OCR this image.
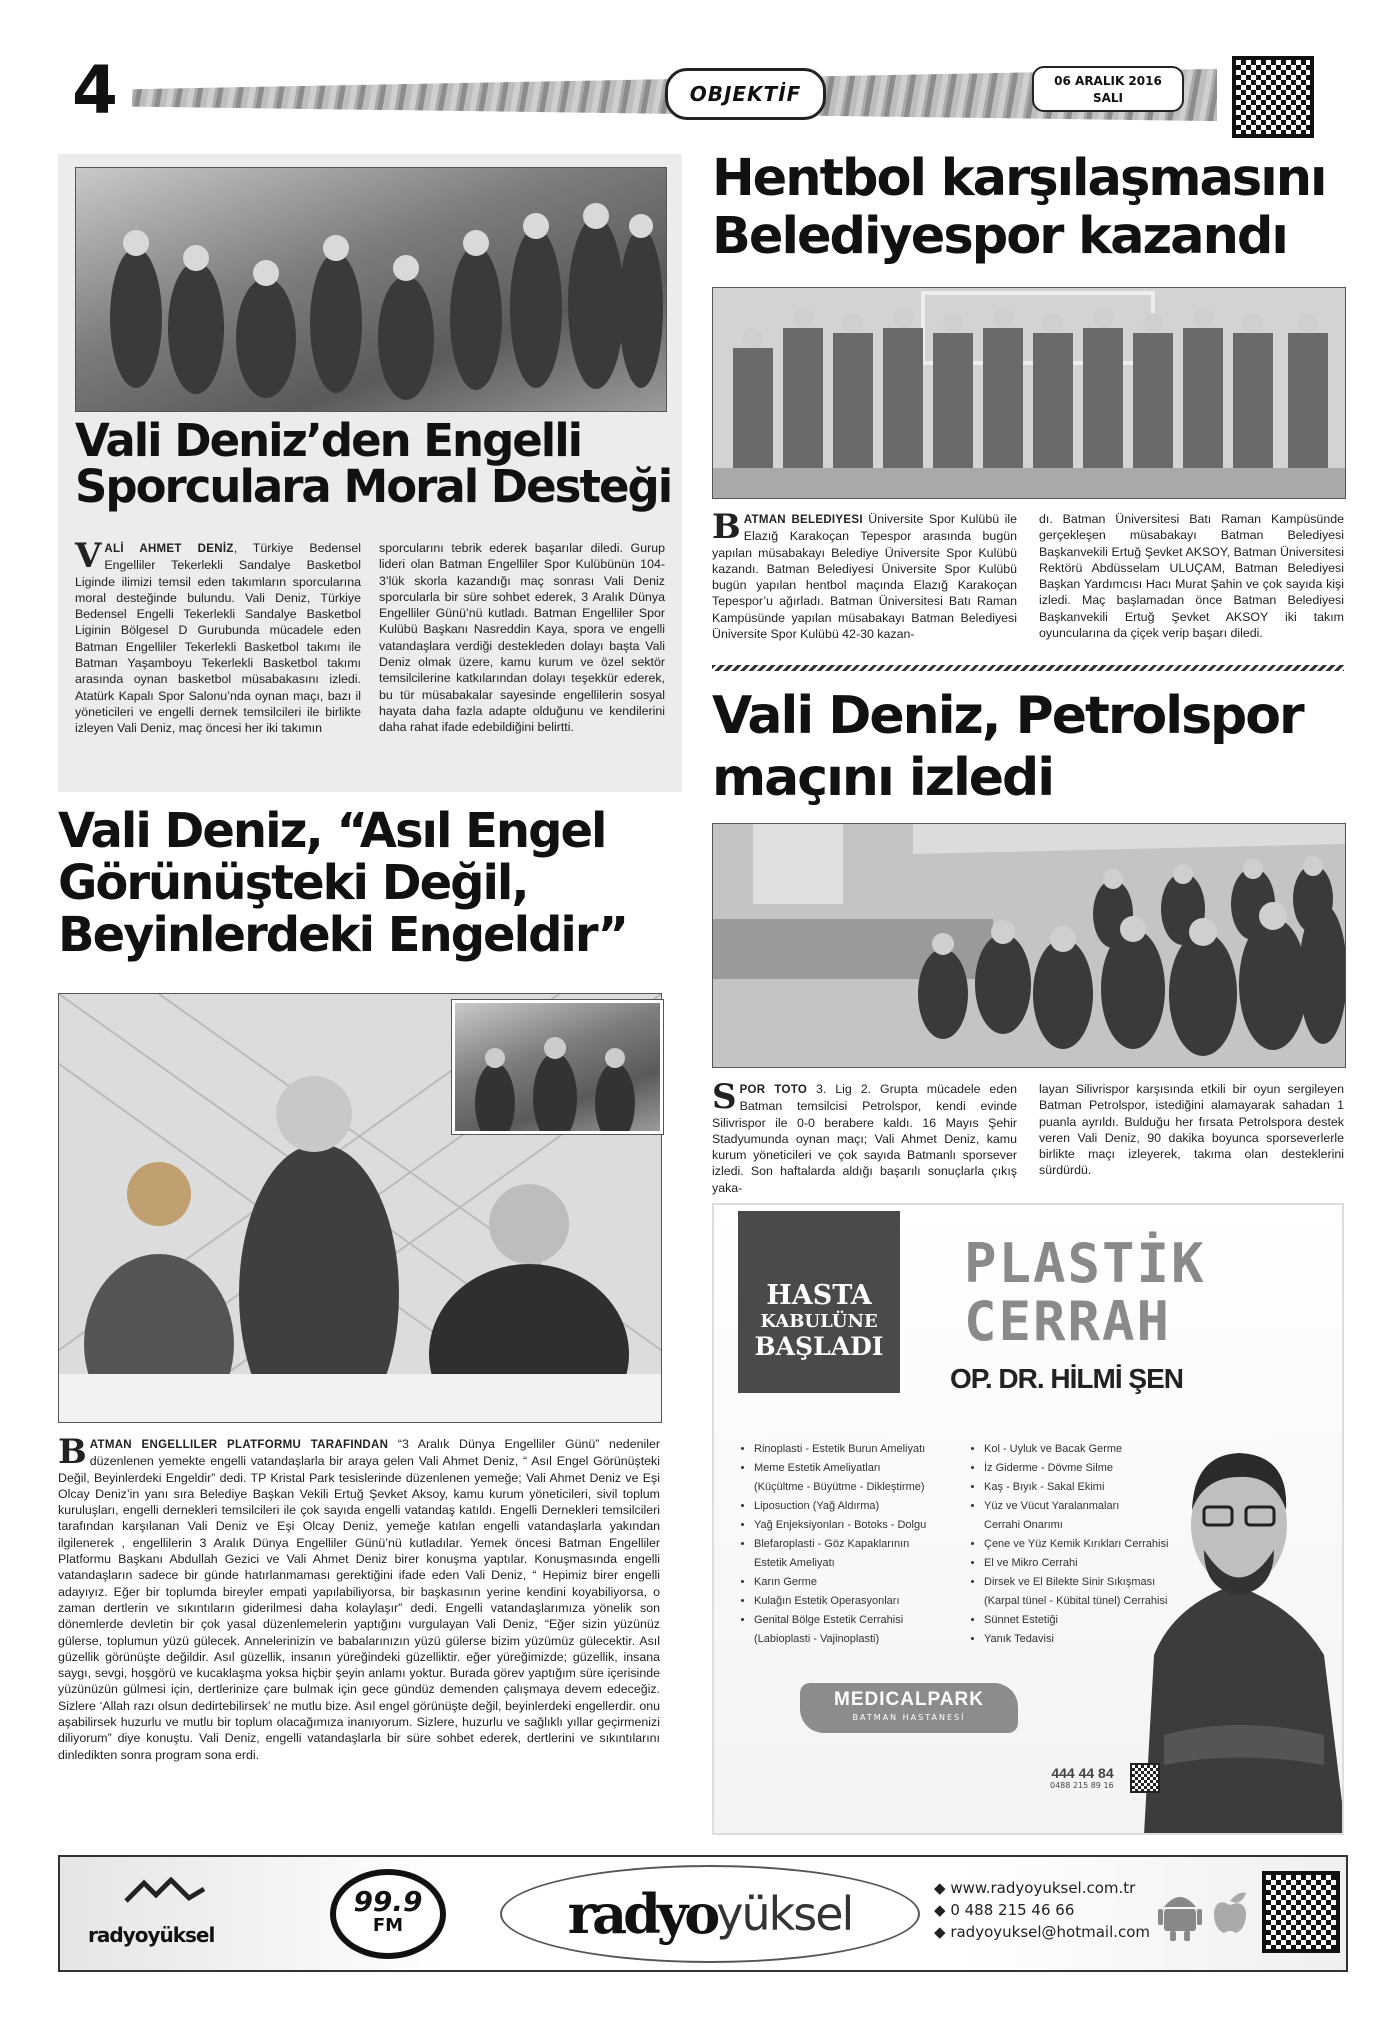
4	OBJEKTİF
06 ARALIK 2016
SALI
Vali Deniz’den Engelli Sporculara Moral Desteği

VALİ AHMET DENİZ, Türkiye Bedensel Engelliler Tekerlekli Sandalye Basketbol Liginde ilimizi temsil eden takımların sporcularına moral desteğinde bulundu. Vali Deniz, Türkiye Bedensel Engelli Tekerlekli Sandalye Basketbol Liginin Bölgesel D Gurubunda mücadele eden Batman Engelliler Tekerlekli Basketbol takımı ile Batman Yaşamboyu Tekerlekli Basketbol takımı arasında oynan basketbol müsabakasını izledi. Atatürk Kapalı Spor Salonu’nda oynan maçı, bazı il yöneticileri ve engelli dernek temsilcileri ile birlikte izleyen Vali Deniz, maç öncesi her iki takımın

sporcularını tebrik ederek başarılar diledi. Gurup lideri olan Batman Engelliler Spor Kulübünün 104-3’lük skorla kazandığı maç sonrası Vali Deniz sporcularla bir süre sohbet ederek, 3 Aralık Dünya Engelliler Günü’nü kutladı. Batman Engelliler Spor Kulübü Başkanı Nasreddin Kaya, spora ve engelli vatandaşlara verdiği destekleden dolayı başta Vali Deniz olmak üzere, kamu kurum ve özel sektör temsilcilerine katkılarından dolayı teşekkür ederek, bu tür müsabakalar sayesinde engellilerin sosyal hayata daha fazla adapte olduğunu ve kendilerini daha rahat ifade edebildiğini belirtti.

Vali Deniz, “Asıl Engel Görünüşteki Değil, Beyinlerdeki Engeldir”

BATMAN ENGELLILER PLATFORMU TARAFINDAN “3 Aralık Dünya Engelliler Günü” nedeniler düzenlenen yemekte engelli vatandaşlarla bir araya gelen Vali Ahmet Deniz, “ Asıl Engel Görünüşteki Değil, Beyinlerdeki Engeldir” dedi. TP Kristal Park tesislerinde düzenlenen yemeğe; Vali Ahmet Deniz ve Eşi Olcay Deniz’in yanı sıra Belediye Başkan Vekili Ertuğ Şevket Aksoy, kamu kurum yöneticileri, sivil toplum kuruluşları, engelli dernekleri temsilcileri ile çok sayıda engelli vatandaş katıldı. Engelli Dernekleri temsilcileri tarafından karşılanan Vali Deniz ve Eşi Olcay Deniz, yemeğe katılan engelli vatandaşlarla yakından ilgilenerek , engellilerin 3 Aralık Dünya Engelliler Günü’nü kutladılar. Yemek öncesi Batman Engelliler Platformu Başkanı Abdullah Gezici ve Vali Ahmet Deniz birer konuşma yaptılar. Konuşmasında engelli vatandaşların sadece bir günde hatırlanmaması gerektiğini ifade eden Vali Deniz, “ Hepimiz birer engelli adayıyız. Eğer bir toplumda bireyler empati yapılabiliyorsa, bir başkasının yerine kendini koyabiliyorsa, o zaman dertlerin ve sıkıntıların giderilmesi daha kolaylaşır” dedi. Engelli vatandaşlarımıza yönelik son dönemlerde devletin bir çok yasal düzenlemelerin yaptığını vurgulayan Vali Deniz, “Eğer sizin yüzünüz gülerse, toplumun yüzü gülecek. Annelerinizin ve babalarınızın yüzü gülerse bizim yüzümüz gülecektir. Asıl güzellik görünüşte değildir. Asıl güzellik, insanın yüreğindeki güzelliktir. eğer yüreğimizde; güzellik, insana saygı, sevgi, hoşgörü ve kucaklaşma yoksa hiçbir şeyin anlamı yoktur. Burada görev yaptığım süre içerisinde yüzünüzün gülmesi için, dertlerinize çare bulmak için gece gündüz demenden çalışmaya devem edeceğiz. Sizlere ‘Allah razı olsun dedirtebilirsek’ ne mutlu bize. Asıl engel görünüşte değil, beyinlerdeki engellerdir. onu aşabilirsek huzurlu ve mutlu bir toplum olacağımıza inanıyorum. Sizlere, huzurlu ve sağlıklı yıllar geçirmenizi diliyorum” diye konuştu. Vali Deniz, engelli vatandaşlarla bir süre sohbet ederek, dertlerini ve sıkıntılarını dinledikten sonra program sona erdi.

Hentbol karşılaşmasını Belediyespor kazandı

BATMAN BELEDIYESI Üniversite Spor Kulübü ile Elazığ Karakoçan Tepespor arasında bugün yapılan müsabakayı Belediye Üniversite Spor Kulübü kazandı. Batman Belediyesi Üniversite Spor Kulübü bugün yapılan hentbol maçında Elazığ Karakoçan Tepespor’u ağırladı. Batman Üniversitesi Batı Raman Kampüsünde yapılan müsabakayı Batman Belediyesi Üniversite Spor Kulübü 42-30 kazan-

dı. Batman Üniversitesi Batı Raman Kampüsünde gerçekleşen müsabakayı Batman Belediyesi Başkanvekili Ertuğ Şevket AKSOY, Batman Üniversitesi Rektörü Abdüsselam ULUÇAM, Batman Belediyesi Başkan Yardımcısı Hacı Murat Şahin ve çok sayıda kişi izledi. Maç başlamadan önce Batman Belediyesi Başkanvekili Ertuğ Şevket AKSOY iki takım oyuncularına da çiçek verip başarı diledi.

Vali Deniz, Petrolspor maçını izledi

SPOR TOTO 3. Lig 2. Grupta mücadele eden Batman temsilcisi Petrolspor, kendi evinde Silivrispor ile 0-0 berabere kaldı. 16 Mayıs Şehir Stadyumunda oynan maçı; Vali Ahmet Deniz, kamu kurum yöneticileri ve çok sayıda Batmanlı sporsever izledi. Son haftalarda aldığı başarılı sonuçlarla çıkış yaka-

layan Silivrispor karşısında etkili bir oyun sergileyen Batman Petrolspor, istediğini alamayarak sahadan 1 puanla ayrıldı. Bulduğu her fırsata Petrolspora destek veren Vali Deniz, 90 dakika boyunca sporseverlerle birlikte maçı izleyerek, takıma olan desteklerini sürdürdü.

HASTA
KABULÜNE
BAŞLADI
PLASTİK
CERRAH
OP. DR. HİLMİ ŞEN
• Rinoplasti - Estetik Burun Ameliyatı
• Meme Estetik Ameliyatları
(Küçültme - Büyütme - Dikleştirme)
• Liposuction (Yağ Aldırma)
• Yağ Enjeksiyonları - Botoks - Dolgu
• Blefaroplasti - Göz Kapaklarının
Estetik Ameliyatı
• Karın Germe
• Kulağın Estetik Operasyonları
• Genital Bölge Estetik Cerrahisi
(Labioplasti - Vajinoplasti)
• Kol - Uyluk ve Bacak Germe
• İz Giderme - Dövme Silme
• Kaş - Bıyık - Sakal Ekimi
• Yüz ve Vücut Yaralanmaları
Cerrahi Onarımı
• Çene ve Yüz Kemik Kırıkları Cerrahisi
• El ve Mikro Cerrahi
• Dirsek ve El Bilekte Sinir Sıkışması
(Karpal tünel - Kübital tünel) Cerrahisi
• Sünnet Estetiği
• Yanık Tedavisi
MEDICALPARK
BATMAN HASTANESİ
444 44 84
0488 215 89 16
radyoyüksel
99.9
FM	radyo yüksel	◆ www.radyoyuksel.com.tr
◆ 0 488 215 46 66
◆ radyoyuksel@hotmail.com
